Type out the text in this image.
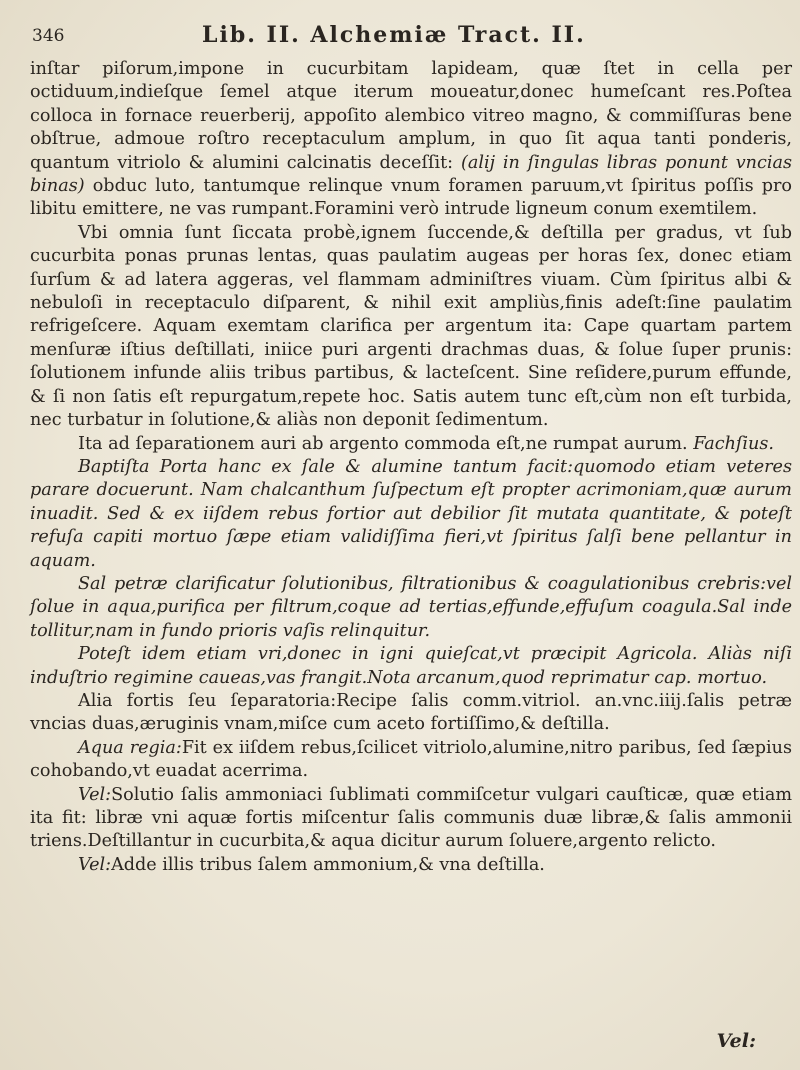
346	Lib. II. Alchemiæ Tract. II.

inſtar piſorum,impone in cucurbitam lapideam, quæ ſtet in cella per octiduum,indieſque ſemel atque iterum moueatur,donec humeſcant res.Poſtea colloca in fornace reuerberij, appoſito alembico vitreo magno, & commiſſuras bene obſtrue, admoue roſtro receptaculum amplum, in quo ſit aqua tanti ponderis, quantum vitriolo & alumini calcinatis deceſſit: (alij in ſingulas libras ponunt vncias binas) obduc luto, tantumque relinque vnum foramen paruum,vt ſpiritus poſſis pro libitu emittere, ne vas rumpant.Foramini verò intrude ligneum conum exemtilem.

Vbi omnia ſunt ſiccata probè,ignem ſuccende,& deſtilla per gradus, vt ſub cucurbita ponas prunas lentas, quas paulatim augeas per horas ſex, donec etiam ſurſum & ad latera aggeras, vel flammam adminiſtres viuam. Cùm ſpiritus albi & nebuloſi in receptaculo diſparent, & nihil exit ampliùs,finis adeſt:ſine paulatim refrigeſcere. Aquam exemtam clarifica per argentum ita: Cape quartam partem menſuræ iſtius deſtillati, iniice puri argenti drachmas duas, & ſolue ſuper prunis: ſolutionem infunde aliis tribus partibus, & lacteſcent. Sine reſidere,purum effunde, & ſi non ſatis eſt repurgatum,repete hoc. Satis autem tunc eſt,cùm non eſt turbida, nec turbatur in ſolutione,& aliàs non deponit ſedimentum.

Ita ad ſeparationem auri ab argento commoda eſt,ne rumpat aurum. Fachſius.

Baptiſta Porta hanc ex ſale & alumine tantum facit:quomodo etiam veteres parare docuerunt. Nam chalcanthum ſuſpectum eſt propter acrimoniam,quæ aurum inuadit. Sed & ex iiſdem rebus fortior aut debilior ſit mutata quantitate, & poteſt refuſa capiti mortuo ſæpe etiam validiſſima fieri,vt ſpiritus ſalſi bene pellantur in aquam.

Sal petræ clarificatur ſolutionibus, filtrationibus & coagulationibus crebris:vel ſolue in aqua,purifica per filtrum,coque ad tertias,effunde,effuſum coagula.Sal inde tollitur,nam in fundo prioris vaſis relinquitur.

Poteſt idem etiam vri,donec in igni quieſcat,vt præcipit Agricola. Aliàs niſi induſtrio regimine caueas,vas frangit.Nota arcanum,quod reprimatur cap. mortuo.

Alia fortis ſeu ſeparatoria:Recipe ſalis comm.vitriol. an.vnc.iiij.ſalis petræ vncias duas,æruginis vnam,miſce cum aceto fortiſſimo,& deſtilla.

Aqua regia:Fit ex iiſdem rebus,ſcilicet vitriolo,alumine,nitro paribus, ſed ſæpius cohobando,vt euadat acerrima.

Vel:Solutio ſalis ammoniaci ſublimati commiſcetur vulgari cauſticæ, quæ etiam ita fit: libræ vni aquæ fortis miſcentur ſalis communis duæ libræ,& ſalis ammonii triens.Deſtillantur in cucurbita,& aqua dicitur aurum ſoluere,argento relicto.

Vel:Adde illis tribus ſalem ammonium,& vna deſtilla.

Vel:
